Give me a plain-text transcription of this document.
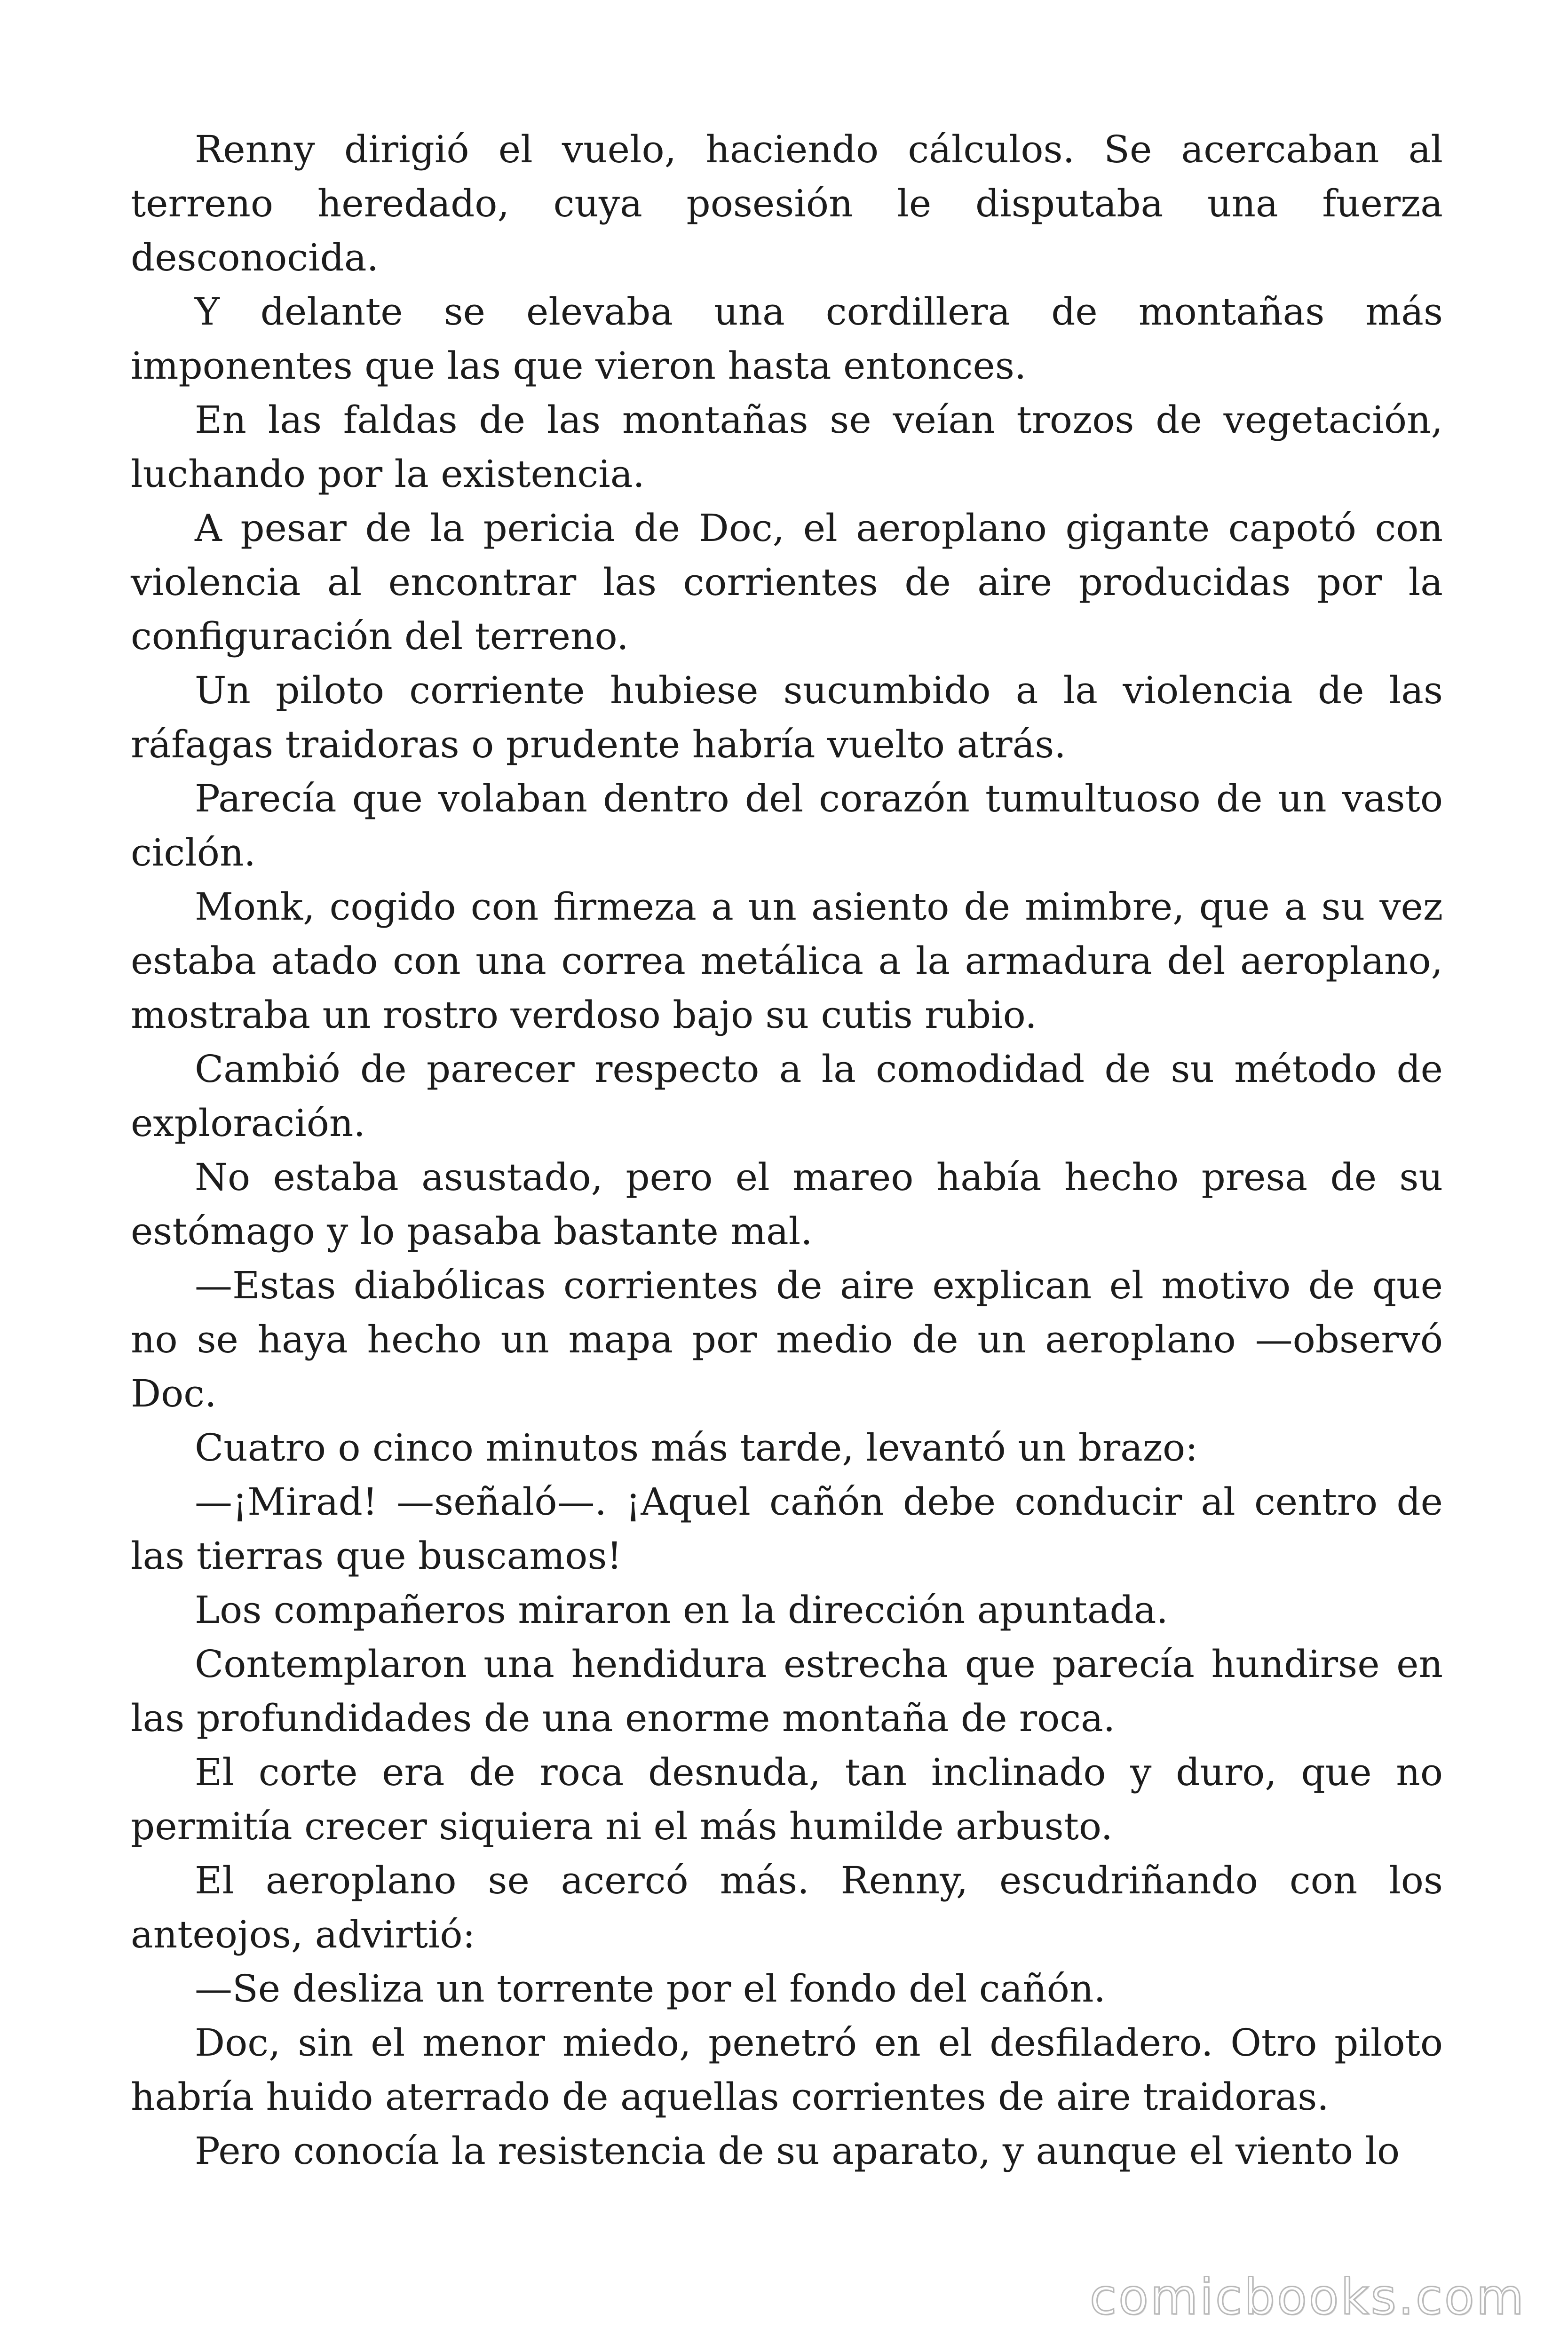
Renny dirigió el vuelo, haciendo cálculos. Se acercaban al terreno heredado, cuya posesión le disputaba una fuerza desconocida.

Y delante se elevaba una cordillera de montañas más imponentes que las que vieron hasta entonces.

En las faldas de las montañas se veían trozos de vegetación, luchando por la existencia.

A pesar de la pericia de Doc, el aeroplano gigante capotó con violencia al encontrar las corrientes de aire producidas por la configuración del terreno.

Un piloto corriente hubiese sucumbido a la violencia de las ráfagas traidoras o prudente habría vuelto atrás.

Parecía que volaban dentro del corazón tumultuoso de un vasto ciclón.

Monk, cogido con firmeza a un asiento de mimbre, que a su vez estaba atado con una correa metálica a la armadura del aeroplano, mostraba un rostro verdoso bajo su cutis rubio.

Cambió de parecer respecto a la comodidad de su método de exploración.

No estaba asustado, pero el mareo había hecho presa de su estómago y lo pasaba bastante mal.

—Estas diabólicas corrientes de aire explican el motivo de que no se haya hecho un mapa por medio de un aeroplano —observó Doc.

Cuatro o cinco minutos más tarde, levantó un brazo:

—¡Mirad! —señaló—. ¡Aquel cañón debe conducir al centro de las tierras que buscamos!

Los compañeros miraron en la dirección apuntada.

Contemplaron una hendidura estrecha que parecía hundirse en las profundidades de una enorme montaña de roca.

El corte era de roca desnuda, tan inclinado y duro, que no permitía crecer siquiera ni el más humilde arbusto.

El aeroplano se acercó más. Renny, escudriñando con los anteojos, advirtió:

—Se desliza un torrente por el fondo del cañón.

Doc, sin el menor miedo, penetró en el desfiladero. Otro piloto habría huido aterrado de aquellas corrientes de aire traidoras.

Pero conocía la resistencia de su aparato, y aunque el viento lo

comicbooks.com
